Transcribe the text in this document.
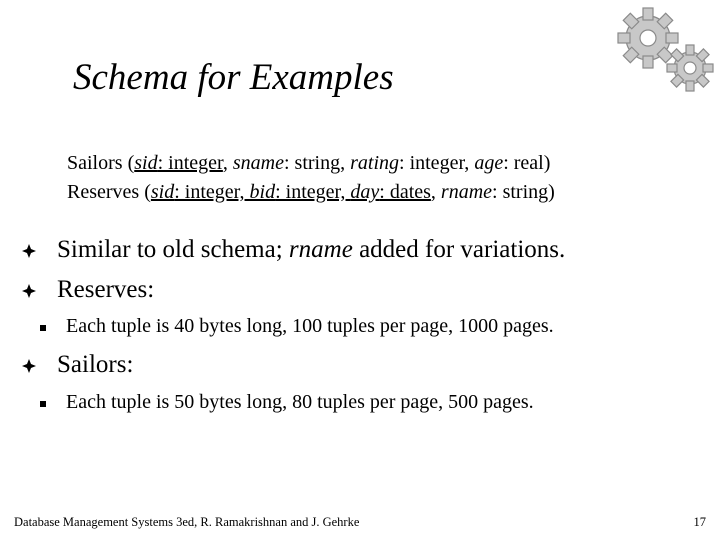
Schema for Examples
Sailors (sid: integer, sname: string, rating: integer, age: real)
Reserves (sid: integer, bid: integer, day: dates, rname: string)
Similar to old schema; rname added for variations.
Reserves:
Each tuple is 40 bytes long, 100 tuples per page, 1000 pages.
Sailors:
Each tuple is 50 bytes long, 80 tuples per page, 500 pages.
Database Management Systems 3ed, R. Ramakrishnan and J. Gehrke	17
